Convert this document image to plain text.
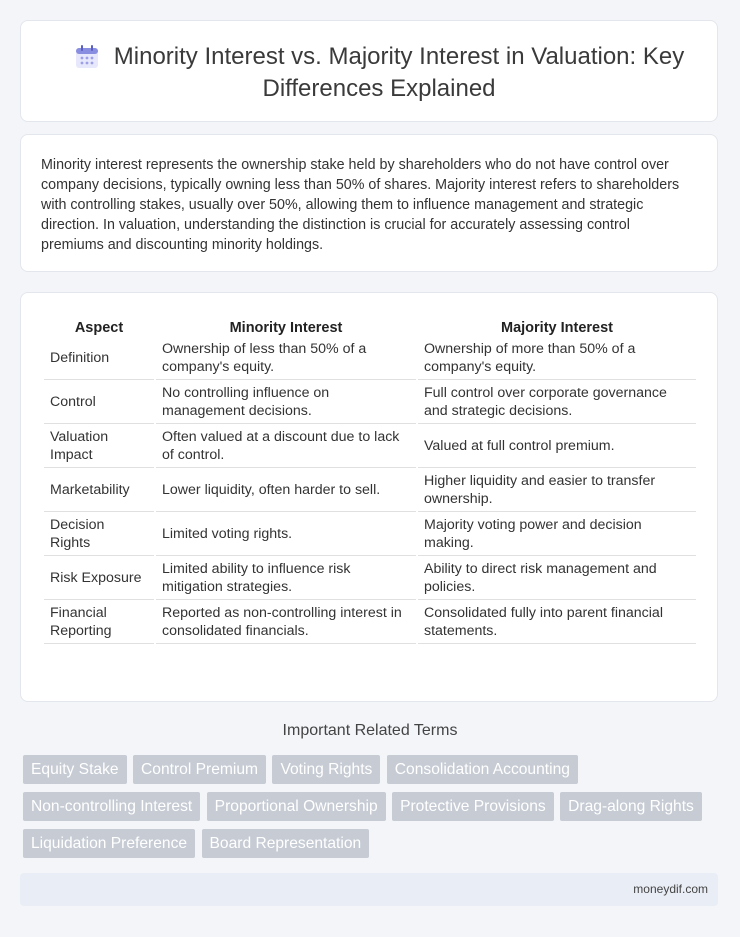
Minority Interest vs. Majority Interest in Valuation: Key Differences Explained

Minority interest represents the ownership stake held by shareholders who do not have control over company decisions, typically owning less than 50% of shares. Majority interest refers to shareholders with controlling stakes, usually over 50%, allowing them to influence management and strategic direction. In valuation, understanding the distinction is crucial for accurately assessing control premiums and discounting minority holdings.

Aspect	Minority Interest	Majority Interest
Definition	Ownership of less than 50% of a company's equity.	Ownership of more than 50% of a company's equity.
Control	No controlling influence on management decisions.	Full control over corporate governance and strategic decisions.
Valuation Impact	Often valued at a discount due to lack of control.	Valued at full control premium.
Marketability	Lower liquidity, often harder to sell.	Higher liquidity and easier to transfer ownership.
Decision Rights	Limited voting rights.	Majority voting power and decision making.
Risk Exposure	Limited ability to influence risk mitigation strategies.	Ability to direct risk management and policies.
Financial Reporting	Reported as non-controlling interest in consolidated financials.	Consolidated fully into parent financial statements.
Important Related Terms
Equity Stake Control Premium Voting Rights Consolidation Accounting Non-controlling Interest Proportional Ownership Protective Provisions Drag-along Rights Liquidation Preference Board Representation
moneydif.com
